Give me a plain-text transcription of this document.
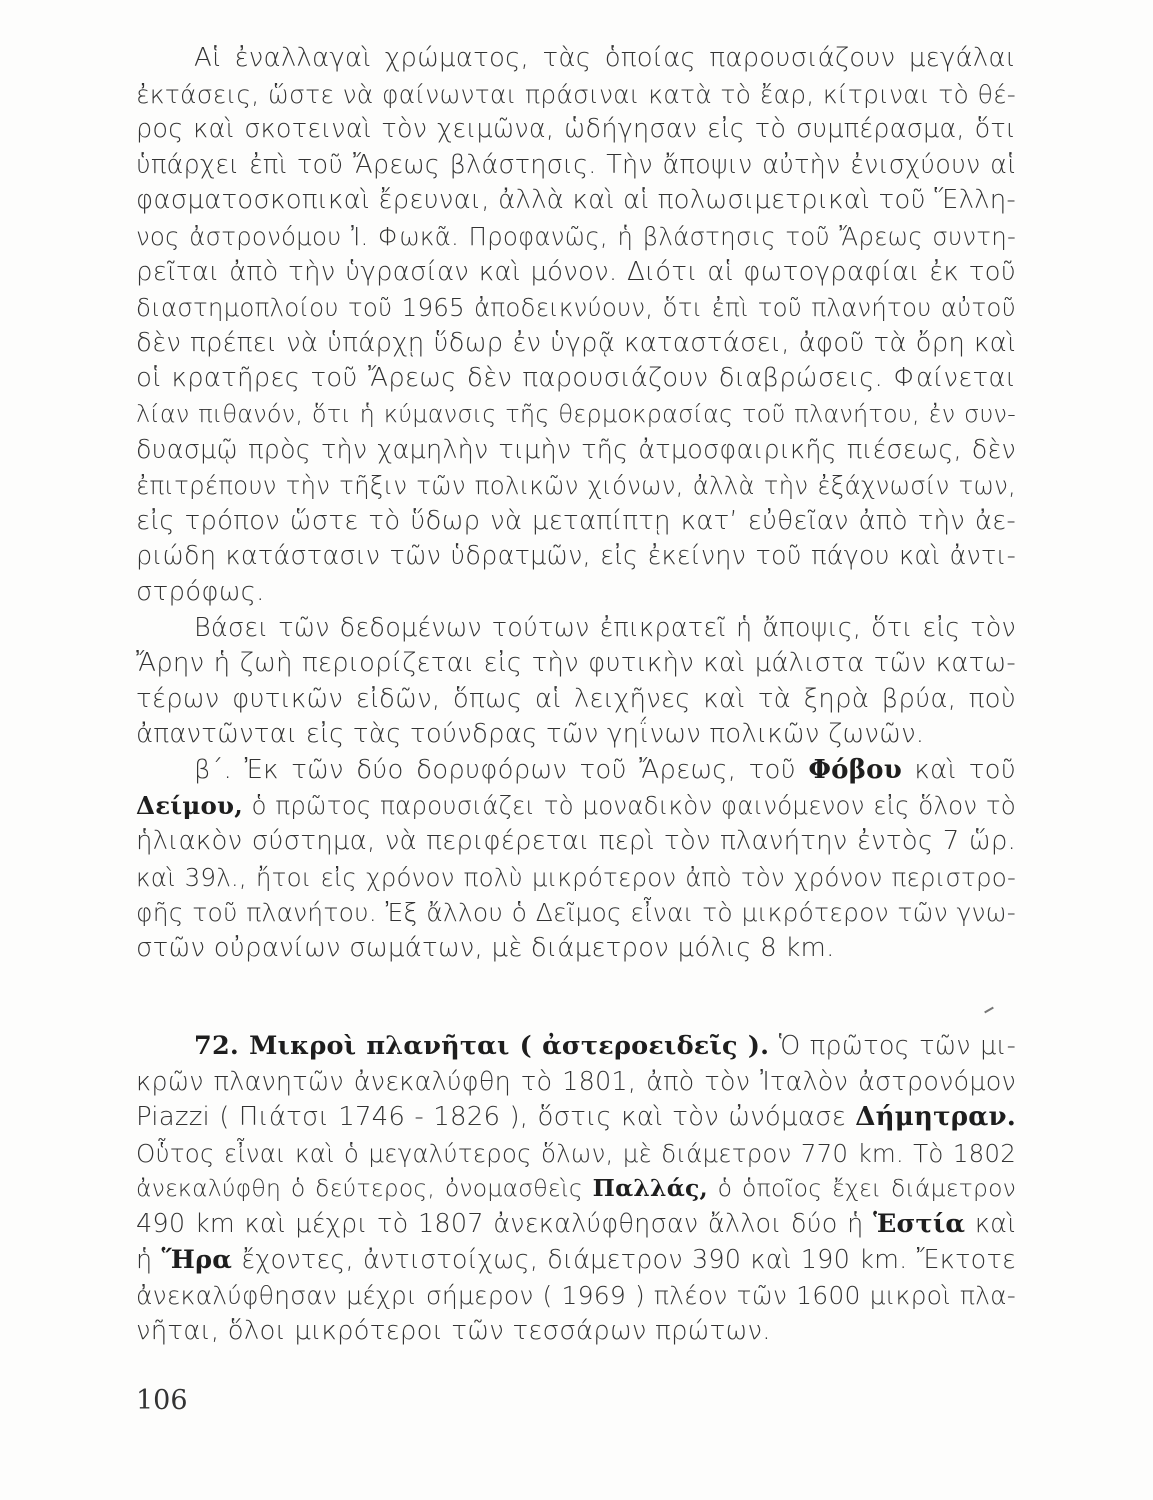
Αἱ ἐναλλαγαὶ χρώματος, τὰς ὁποίας παρουσιάζουν μεγάλαι
ἐκτάσεις, ὥστε νὰ φαίνωνται πράσιναι κατὰ τὸ ἔαρ, κίτριναι τὸ θέ-
ρος καὶ σκοτειναὶ τὸν χειμῶνα, ὡδήγησαν εἰς τὸ συμπέρασμα, ὅτι
ὑπάρχει ἐπὶ τοῦ Ἄρεως βλάστησις. Τὴν ἄποψιν αὐτὴν ἐνισχύουν αἱ
φασματοσκοπικαὶ ἔρευναι, ἀλλὰ καὶ αἱ πολωσιμετρικαὶ τοῦ Ἕλλη-
νος ἀστρονόμου Ἰ. Φωκᾶ. Προφανῶς, ἡ βλάστησις τοῦ Ἄρεως συντη-
ρεῖται ἀπὸ τὴν ὑγρασίαν καὶ μόνον. Διότι αἱ φωτογραφίαι ἐκ τοῦ
διαστημοπλοίου τοῦ 1965 ἀποδεικνύουν, ὅτι ἐπὶ τοῦ πλανήτου αὐτοῦ
δὲν πρέπει νὰ ὑπάρχῃ ὕδωρ ἐν ὑγρᾷ καταστάσει, ἀφοῦ τὰ ὄρη καὶ
οἱ κρατῆρες τοῦ Ἄρεως δὲν παρουσιάζουν διαβρώσεις. Φαίνεται
λίαν πιθανόν, ὅτι ἡ κύμανσις τῆς θερμοκρασίας τοῦ πλανήτου, ἐν συν-
δυασμῷ πρὸς τὴν χαμηλὴν τιμὴν τῆς ἀτμοσφαιρικῆς πιέσεως, δὲν
ἐπιτρέπουν τὴν τῆξιν τῶν πολικῶν χιόνων, ἀλλὰ τὴν ἐξάχνωσίν των,
εἰς τρόπον ὥστε τὸ ὕδωρ νὰ μεταπίπτῃ κατ’ εὐθεῖαν ἀπὸ τὴν ἀε-
ριώδη κατάστασιν τῶν ὑδρατμῶν, εἰς ἐκείνην τοῦ πάγου καὶ ἀντι-
στρόφως.
Βάσει τῶν δεδομένων τούτων ἐπικρατεῖ ἡ ἄποψις, ὅτι εἰς τὸν
Ἄρην ἡ ζωὴ περιορίζεται εἰς τὴν φυτικὴν καὶ μάλιστα τῶν κατω-
τέρων φυτικῶν εἰδῶν, ὅπως αἱ λειχῆνες καὶ τὰ ξηρὰ βρύα, ποὺ
ἀπαντῶνται εἰς τὰς τούνδρας τῶν γηΐνων πολικῶν ζωνῶν.
β΄. Ἐκ τῶν δύο δορυφόρων τοῦ Ἄρεως, τοῦ Φόβου καὶ τοῦ
Δείμου, ὁ πρῶτος παρουσιάζει τὸ μοναδικὸν φαινόμενον εἰς ὅλον τὸ
ἡλιακὸν σύστημα, νὰ περιφέρεται περὶ τὸν πλανήτην ἐντὸς 7 ὥρ.
καὶ 39λ., ἤτοι εἰς χρόνον πολὺ μικρότερον ἀπὸ τὸν χρόνον περιστρο-
φῆς τοῦ πλανήτου. Ἐξ ἄλλου ὁ Δεῖμος εἶναι τὸ μικρότερον τῶν γνω-
στῶν οὐρανίων σωμάτων, μὲ διάμετρον μόλις 8 km.
72. Μικροὶ πλανῆται ( ἀστεροειδεῖς ). Ὁ πρῶτος τῶν μι-
κρῶν πλανητῶν ἀνεκαλύφθη τὸ 1801, ἀπὸ τὸν Ἰταλὸν ἀστρονόμον
Piazzi ( Πιάτσι 1746 - 1826 ), ὅστις καὶ τὸν ὠνόμασε Δήμητραν.
Οὗτος εἶναι καὶ ὁ μεγαλύτερος ὅλων, μὲ διάμετρον 770 km. Τὸ 1802
ἀνεκαλύφθη ὁ δεύτερος, ὀνομασθεὶς Παλλάς, ὁ ὁποῖος ἔχει διάμετρον
490 km καὶ μέχρι τὸ 1807 ἀνεκαλύφθησαν ἄλλοι δύο ἡ Ἑστία καὶ
ἡ Ἥρα ἔχοντες, ἀντιστοίχως, διάμετρον 390 καὶ 190 km. Ἔκτοτε
ἀνεκαλύφθησαν μέχρι σήμερον ( 1969 ) πλέον τῶν 1600 μικροὶ πλα-
νῆται, ὅλοι μικρότεροι τῶν τεσσάρων πρώτων.
106
